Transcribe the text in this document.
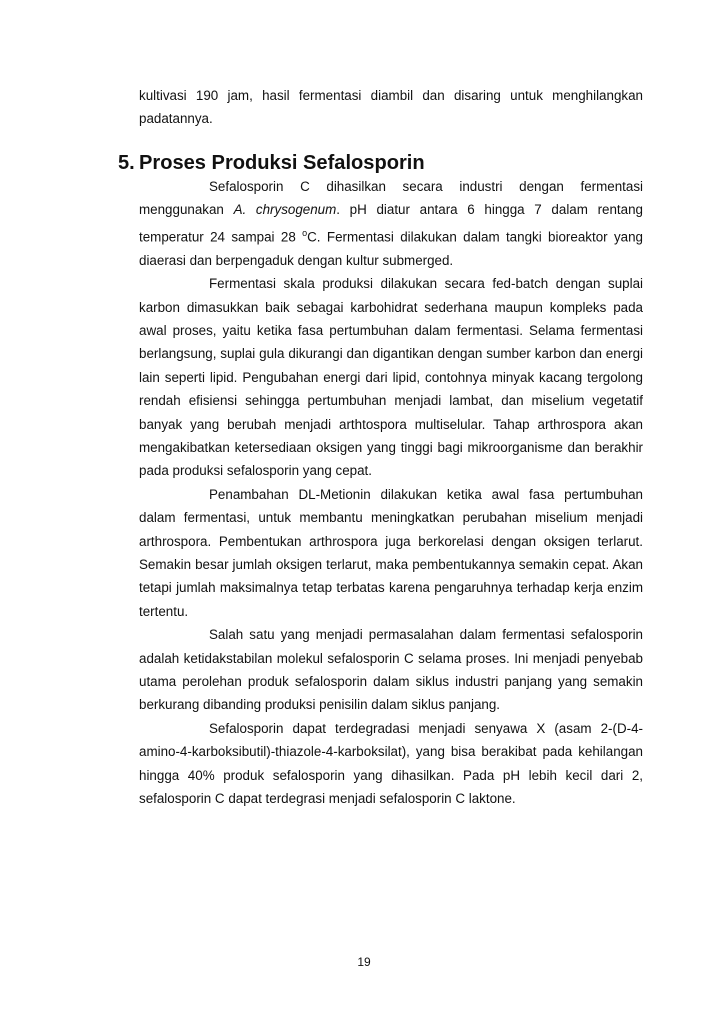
kultivasi 190 jam, hasil fermentasi diambil dan disaring untuk menghilangkan padatannya.

5. Proses Produksi Sefalosporin

Sefalosporin C dihasilkan secara industri dengan fermentasi menggunakan A. chrysogenum. pH diatur antara 6 hingga 7 dalam rentang temperatur 24 sampai 28 $^o$C. Fermentasi dilakukan dalam tangki bioreaktor yang diaerasi dan berpengaduk dengan kultur submerged.

Fermentasi skala produksi dilakukan secara fed-batch dengan suplai karbon dimasukkan baik sebagai karbohidrat sederhana maupun kompleks pada awal proses, yaitu ketika fasa pertumbuhan dalam fermentasi. Selama fermentasi berlangsung, suplai gula dikurangi dan digantikan dengan sumber karbon dan energi lain seperti lipid. Pengubahan energi dari lipid, contohnya minyak kacang tergolong rendah efisiensi sehingga pertumbuhan menjadi lambat, dan miselium vegetatif banyak yang berubah menjadi arthtospora multiselular. Tahap arthrospora akan mengakibatkan ketersediaan oksigen yang tinggi bagi mikroorganisme dan berakhir pada produksi sefalosporin yang cepat.

Penambahan DL-Metionin dilakukan ketika awal fasa pertumbuhan dalam fermentasi, untuk membantu meningkatkan perubahan miselium menjadi arthrospora. Pembentukan arthrospora juga berkorelasi dengan oksigen terlarut. Semakin besar jumlah oksigen terlarut, maka pembentukannya semakin cepat. Akan tetapi jumlah maksimalnya tetap terbatas karena pengaruhnya terhadap kerja enzim tertentu.

Salah satu yang menjadi permasalahan dalam fermentasi sefalosporin adalah ketidakstabilan molekul sefalosporin C selama proses. Ini menjadi penyebab utama perolehan produk sefalosporin dalam siklus industri panjang yang semakin berkurang dibanding produksi penisilin dalam siklus panjang.

Sefalosporin dapat terdegradasi menjadi senyawa X (asam 2-(D-4-amino-4-karboksibutil)-thiazole-4-karboksilat), yang bisa berakibat pada kehilangan hingga 40% produk sefalosporin yang dihasilkan. Pada pH lebih kecil dari 2, sefalosporin C dapat terdegrasi menjadi sefalosporin C laktone.

19
